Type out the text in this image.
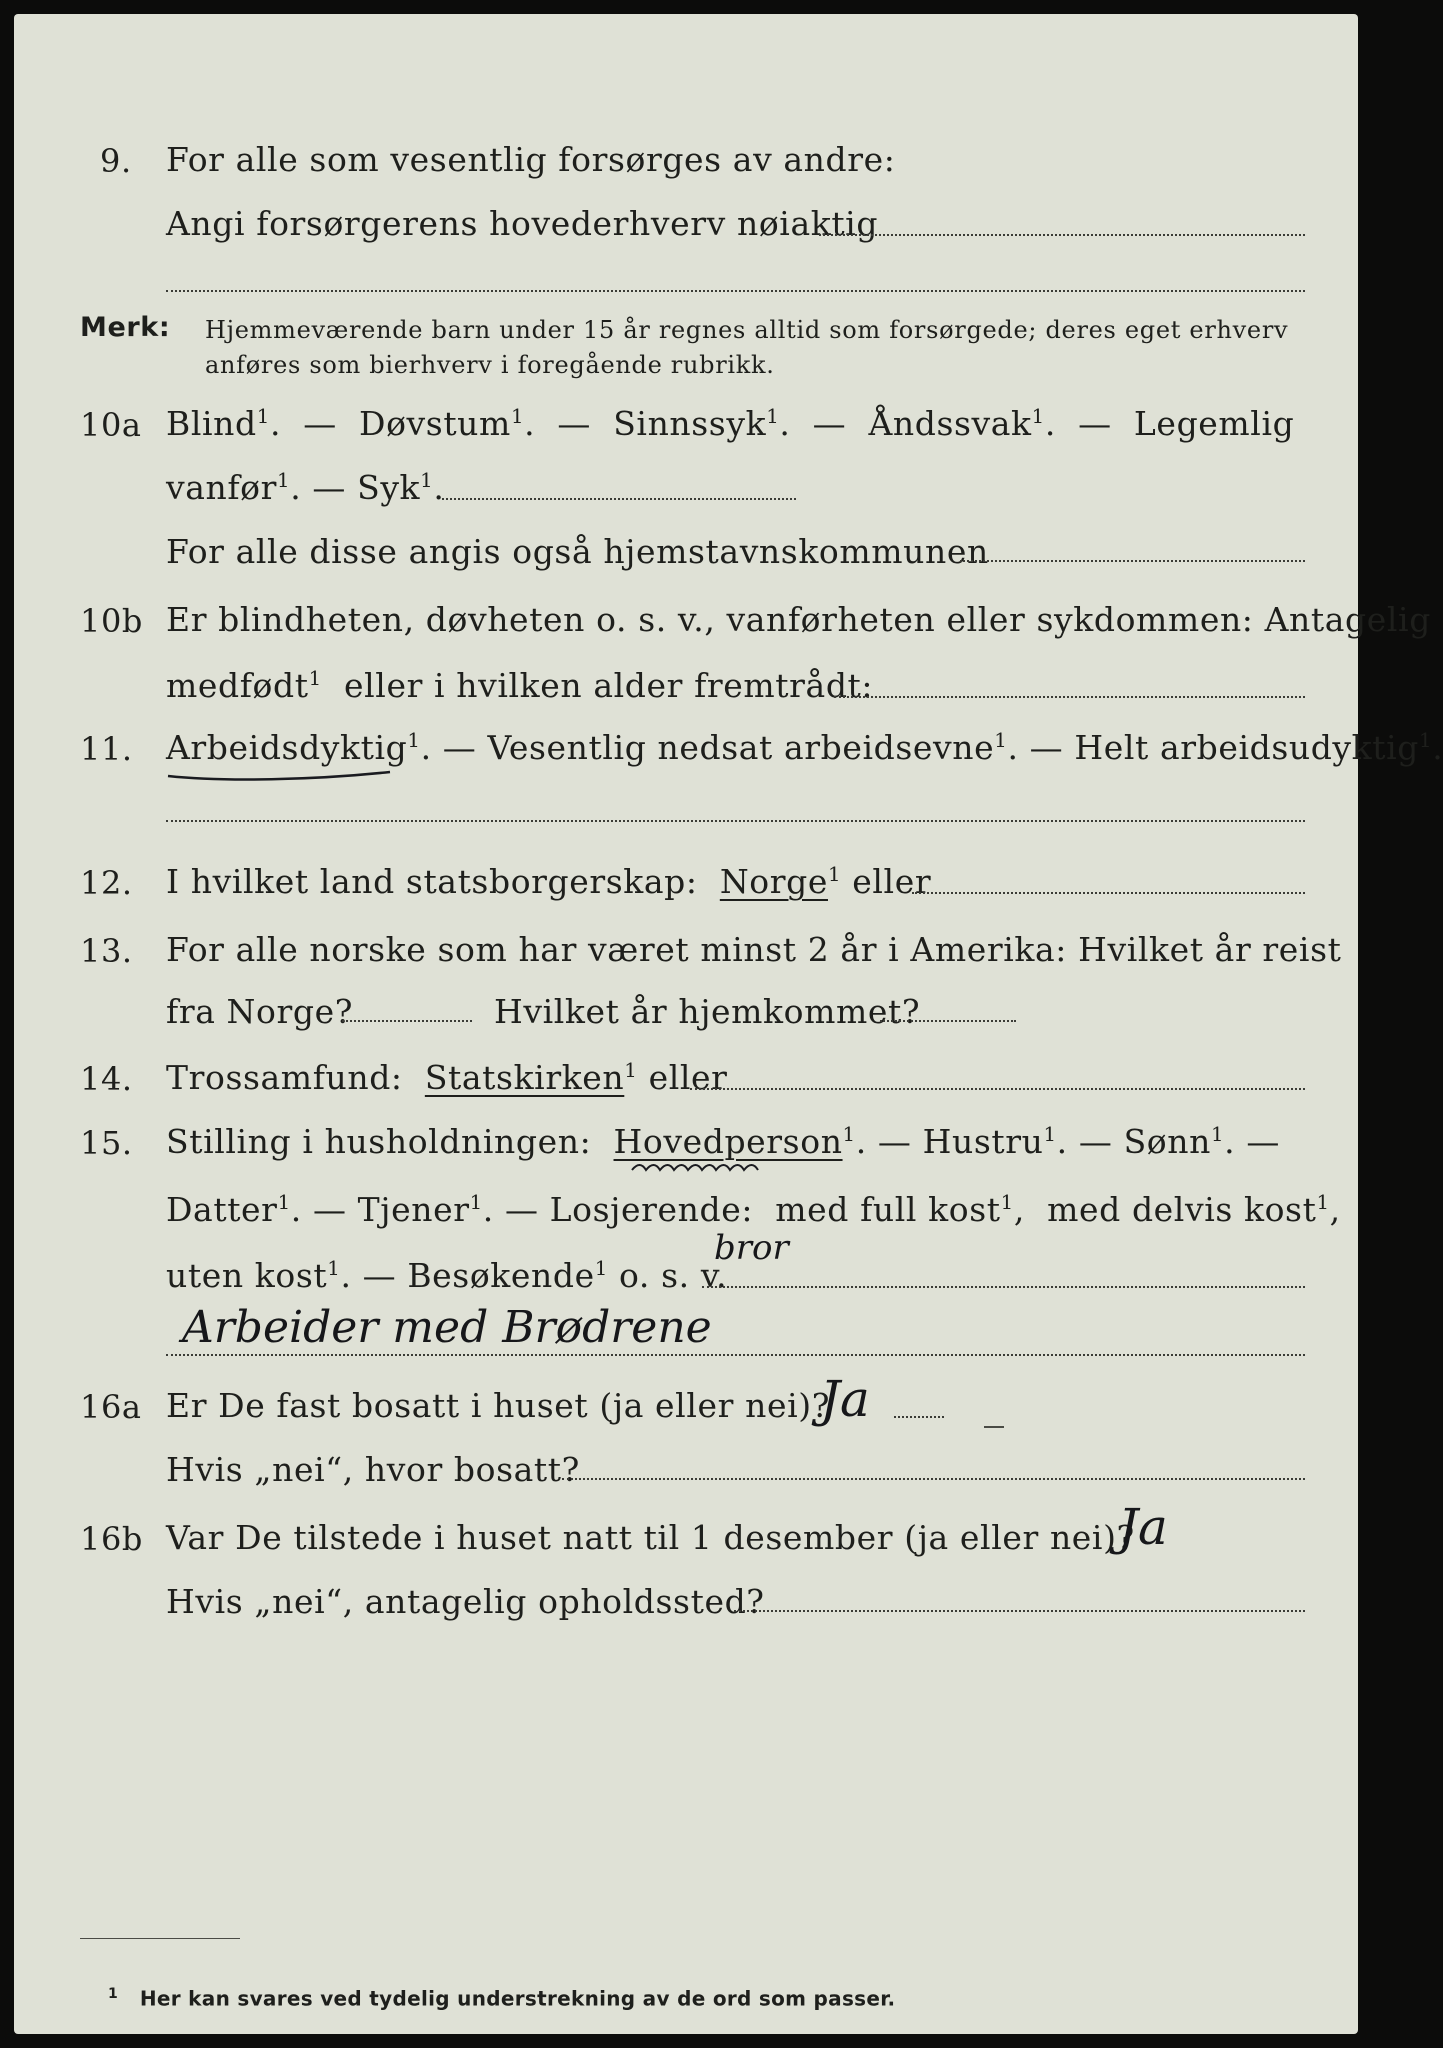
9. For alle som vesentlig forsørges av andre:
Angi forsørgerens hovederhverv nøiaktig
Merk: Hjemmeværende barn under 15 år regnes alltid som forsørgede; deres eget erhverv
anføres som bierhverv i foregående rubrikk.
10a Blind$^1$.  — Døvstum$^1$.  — Sinnssyk$^1$.  — Åndssvak$^1$.  — Legemlig
vanfør$^1$. — Syk$^1$.
For alle disse angis også hjemstavnskommunen
10b Er blindheten, døvheten o. s. v., vanførheten eller sykdommen: Antagelig
medfødt$^1$ eller i hvilken alder fremtrådt:
11. Arbeidsdyktig$^1$. — Vesentlig nedsat arbeidsevne$^1$. — Helt arbeidsudyktig$^1$.
12. I hvilket land statsborgerskap: Norge$^1$ eller
13. For alle norske som har været minst 2 år i Amerika: Hvilket år reist
fra Norge?	Hvilket år hjemkommet?
14. Trossamfund: Statskirken$^1$ eller
15. Stilling i husholdningen: Hovedperson$^1$. — Hustru$^1$. — Sønn$^1$. —
Datter$^1$. — Tjener$^1$. — Losjerende: med full kost$^1$,  med delvis kost$^1$,
uten kost$^1$. — Besøkende$^1$ o. s. v.
bror
Arbeider med Brødrene
16a Er De fast bosatt i huset (ja eller nei)?
Ja
Hvis „nei“, hvor bosatt?
16b Var De tilstede i huset natt til 1 desember (ja eller nei)?
Ja
Hvis „nei“, antagelig opholdssted?
$^1$ Her kan svares ved tydelig understrekning av de ord som passer.
